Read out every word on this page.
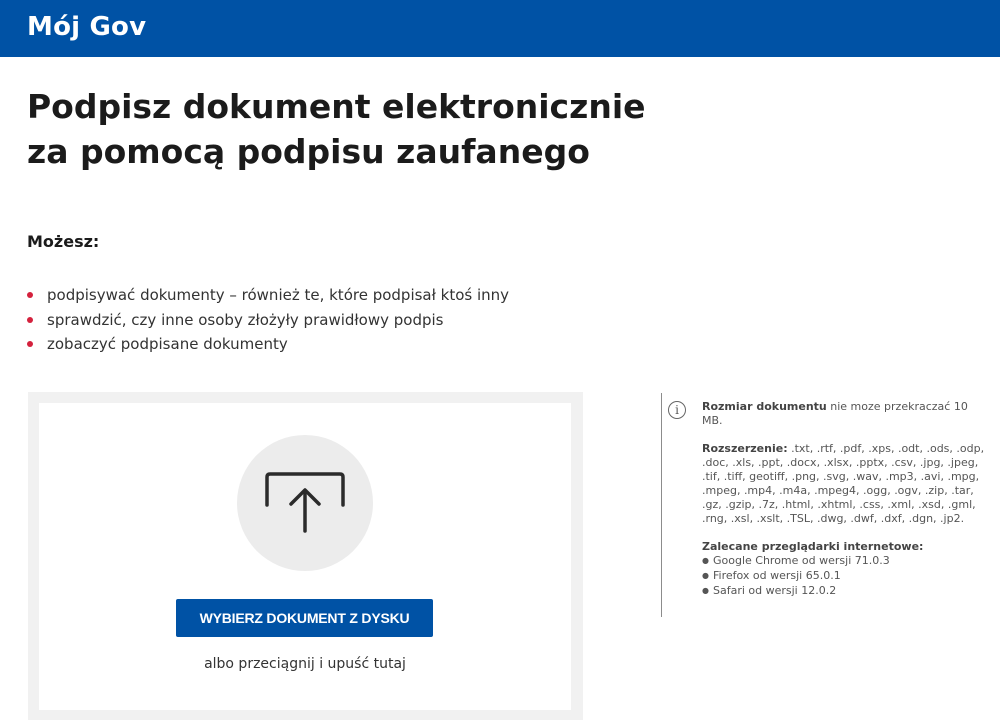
Mój Gov
Podpisz dokument elektronicznie
za pomocą podpisu zaufanego
Możesz:
podpisywać dokumenty – również te, które podpisał ktoś inny
sprawdzić, czy inne osoby złożyły prawidłowy podpis
zobaczyć podpisane dokumenty
WYBIERZ DOKUMENT Z DYSKU
albo przeciągnij i upuść tutaj
i	Rozmiar dokumentu nie moze przekraczać 10 MB.
Rozszerzenie: .txt, .rtf, .pdf, .xps, .odt, .ods, .odp, .doc, .xls, .ppt, .docx, .xlsx, .pptx, .csv, .jpg, .jpeg, .tif, .tiff, geotiff, .png, .svg, .wav, .mp3, .avi, .mpg, .mpeg, .mp4, .m4a, .mpeg4, .ogg, .ogv, .zip, .tar, .gz, .gzip, .7z, .html, .xhtml, .css, .xml, .xsd, .gml, .rng, .xsl, .xslt, .TSL, .dwg, .dwf, .dxf, .dgn, .jp2.
Zalecane przeglądarki internetowe:
● Google Chrome od wersji 71.0.3
● Firefox od wersji 65.0.1
● Safari od wersji 12.0.2
